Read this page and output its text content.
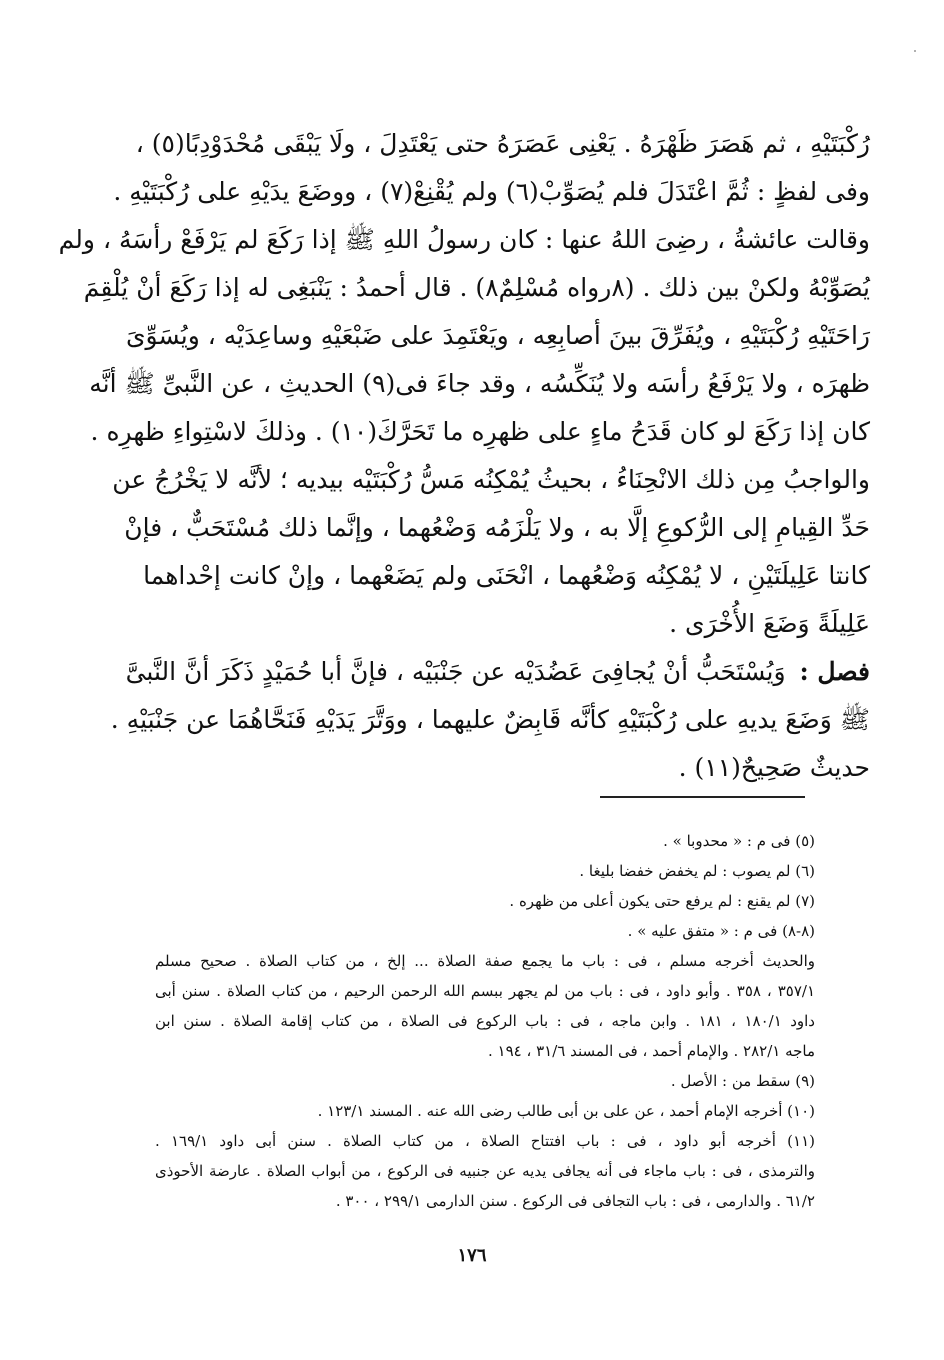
رُكْبَتَيْهِ ، ثم هَصَرَ ظَهْرَهُ . يَعْنِى عَصَرَهُ حتى يَعْتَدِلَ ، ولَا يَبْقَى مُحْدَوْدِبًا(٥) ،
وفى لفظٍ : ثُمَّ اعْتَدَلَ فلم يُصَوِّبْ(٦) ولم يُقْنِعْ(٧) ، ووضَعَ يدَيْهِ على رُكْبَتَيْهِ .
وقالت عائشةُ ، رضِىَ اللهُ عنها : كان رسولُ اللهِ ﷺ إذا رَكَعَ لم يَرْفَعْ رأسَهُ ، ولم
يُصَوِّبْهُ ولكنْ بين ذلك . (٨رواه مُسْلِمٌ٨) . قال أحمدُ : يَنْبَغِى له إذا رَكَعَ أنْ يُلْقِمَ
رَاحَتَيْهِ رُكْبَتَيْهِ ، ويُفَرِّقَ بينَ أصابِعِه ، ويَعْتَمِدَ على ضَبْعَيْهِ وساعِدَيْه ، ويُسَوِّىَ
ظهرَه ، ولا يَرْفَعُ رأسَه ولا يُنَكِّسُه ، وقد جاءَ فى(٩) الحديثِ ، عن النَّبىِّ ﷺ أنَّه
كان إذا رَكَعَ لو كان قَدَحُ ماءٍ على ظهرِه ما تَحَرَّكَ(١٠) . وذلكَ لاسْتِواءِ ظهرِه .
والواجبُ مِن ذلك الانْحِنَاءُ ، بحيثُ يُمْكِنُه مَسُّ رُكْبَتَيْه بيديه ؛ لأنَّه لا يَخْرُجُ عن
حَدِّ القِيامِ إلى الرُّكوعِ إلَّا به ، ولا يَلْزَمُه وَضْعُهما ، وإنَّما ذلك مُسْتَحَبٌّ ، فإنْ
كانتا عَلِيلَتَيْنِ ، لا يُمْكِنُه وَضْعُهما ، انْحَنَى ولم يَضَعْهما ، وإنْ كانت إحْداهما
عَلِيلَةً وَضَعَ الأُخْرَى .
فصل : وَيُسْتَحَبُّ أنْ يُجافِىَ عَضُدَيْه عن جَنْبَيْه ، فإنَّ أبا حُمَيْدٍ ذَكَرَ أنَّ النَّبىَّ
ﷺ وَضَعَ يديهِ على رُكْبَتَيْهِ كأنَّه قَابِضٌ عليهما ، ووَتَّرَ يَدَيْهِ فَنَحَّاهُمَا عن جَنْبَيْهِ .
حديثٌ صَحِيحٌ(١١) .
(٥) فى م : « محدوبا » .
(٦) لم يصوب : لم يخفض خفضا بليغا .
(٧) لم يقنع : لم يرفع حتى يكون أعلى من ظهره .
(٨-٨) فى م : « متفق عليه » .
والحديث أخرجه مسلم ، فى : باب ما يجمع صفة الصلاة ... إلخ ، من كتاب الصلاة . صحيح مسلم
٣٥٧/١ ، ٣٥٨ . وأبو داود ، فى : باب من لم يجهر ببسم الله الرحمن الرحيم ، من كتاب الصلاة . سنن أبى
داود ١٨٠/١ ، ١٨١ . وابن ماجه ، فى : باب الركوع فى الصلاة ، من كتاب إقامة الصلاة . سنن ابن
ماجه ٢٨٢/١ . والإمام أحمد ، فى المسند ٣١/٦ ، ١٩٤ .
(٩) سقط من : الأصل .
(١٠) أخرجه الإمام أحمد ، عن على بن أبى طالب رضى الله عنه . المسند ١٢٣/١ .
(١١) أخرجه أبو داود ، فى : باب افتتاح الصلاة ، من كتاب الصلاة . سنن أبى داود ١٦٩/١ .
والترمذى ، فى : باب ماجاء فى أنه يجافى يديه عن جنبيه فى الركوع ، من أبواب الصلاة . عارضة الأحوذى
٦١/٢ . والدارمى ، فى : باب التجافى فى الركوع . سنن الدارمى ٢٩٩/١ ، ٣٠٠ .
١٧٦
